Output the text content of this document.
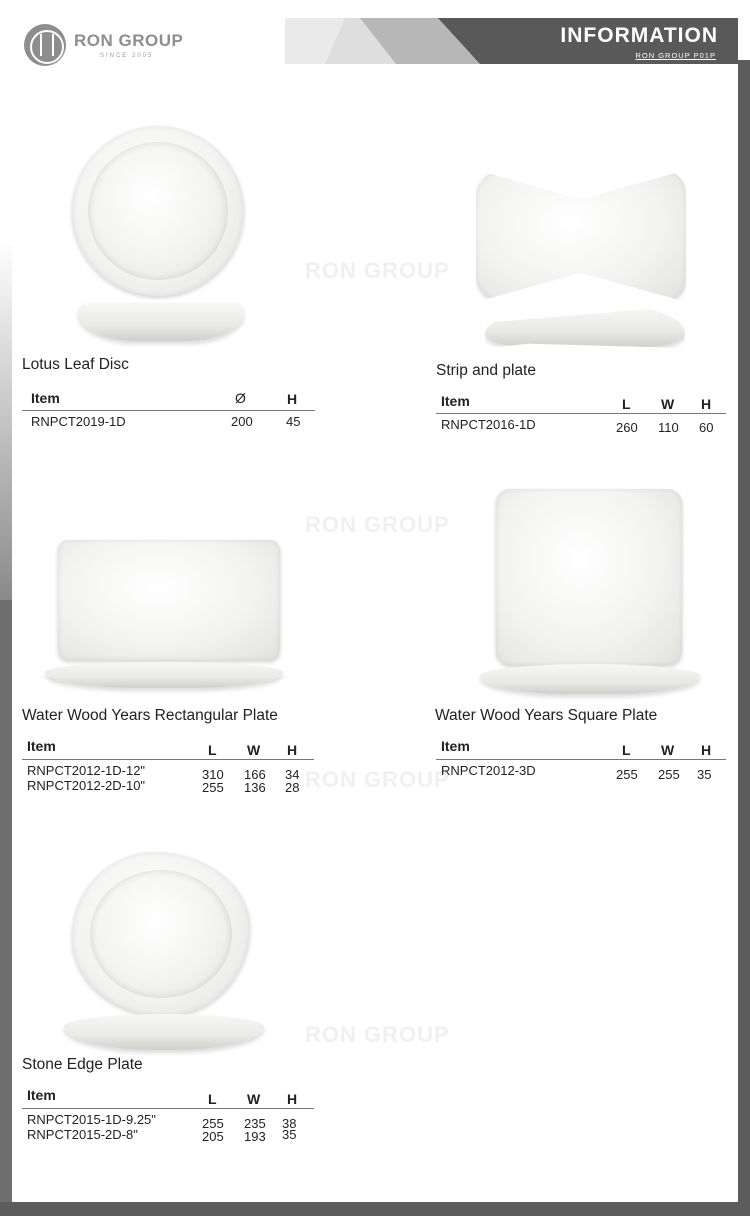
RON GROUP
SINCE 2005
INFORMATION
RON GROUP P01P
RON GROUP
RON GROUP
RON GROUP
RON GROUP
Lotus Leaf Disc
Item	Ø	H
RNPCT2019-1D	200	45
Strip and plate
Item	L W H
RNPCT2016-1D	260 110 60
Water Wood Years Rectangular Plate
Item	L W H
RNPCT2012-1D-12"	310 166 34
RNPCT2012-2D-10"	255 136 28
Water Wood Years Square Plate
Item	L W H
RNPCT2012-3D	255 255 35
Stone Edge Plate
Item	L W H
RNPCT2015-1D-9.25"	255 235 38
RNPCT2015-2D-8"	205 193 35
